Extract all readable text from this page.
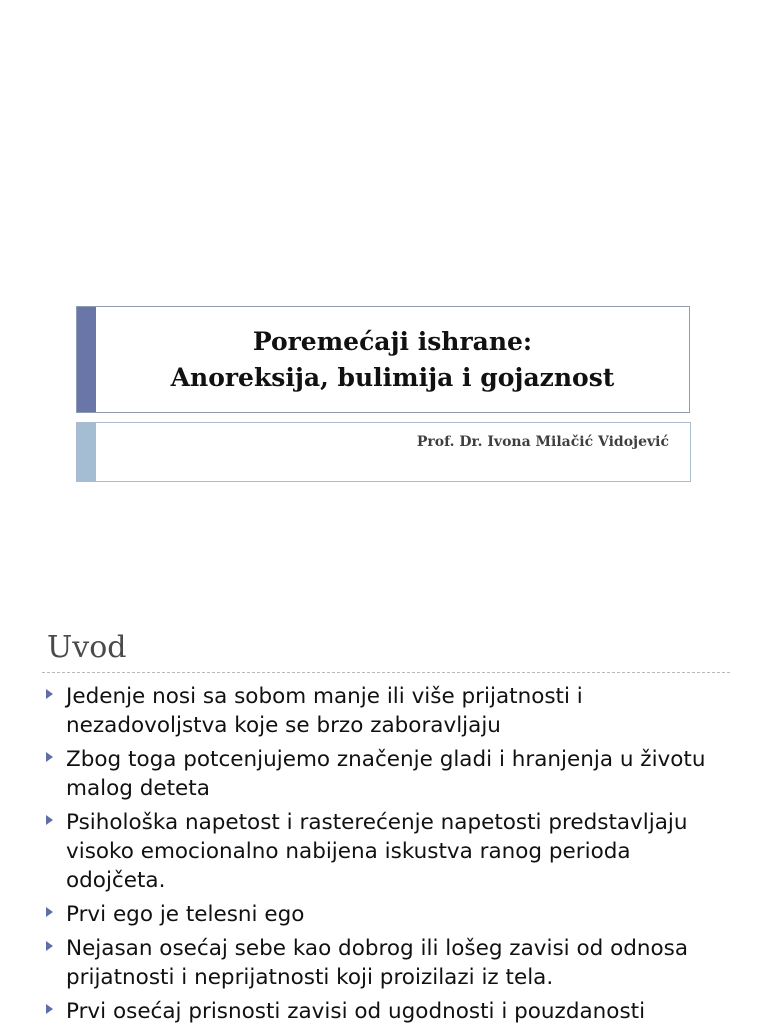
Poremećaji ishrane:
Anoreksija, bulimija i gojaznost
Prof. Dr. Ivona Milačić Vidojević
Uvod
Jedenje nosi sa sobom manje ili više prijatnosti i nezadovoljstva koje se brzo zaboravljaju
Zbog toga potcenjujemo značenje gladi i hranjenja u životu malog deteta
Psihološka napetost i rasterećenje napetosti predstavljaju visoko emocionalno nabijena iskustva ranog perioda odojčeta.
Prvi ego je telesni ego
Nejasan osećaj sebe kao dobrog ili lošeg zavisi od odnosa prijatnosti i neprijatnosti koji proizilazi iz tela.
Prvi osećaj prisnosti zavisi od ugodnosti i pouzdanosti
